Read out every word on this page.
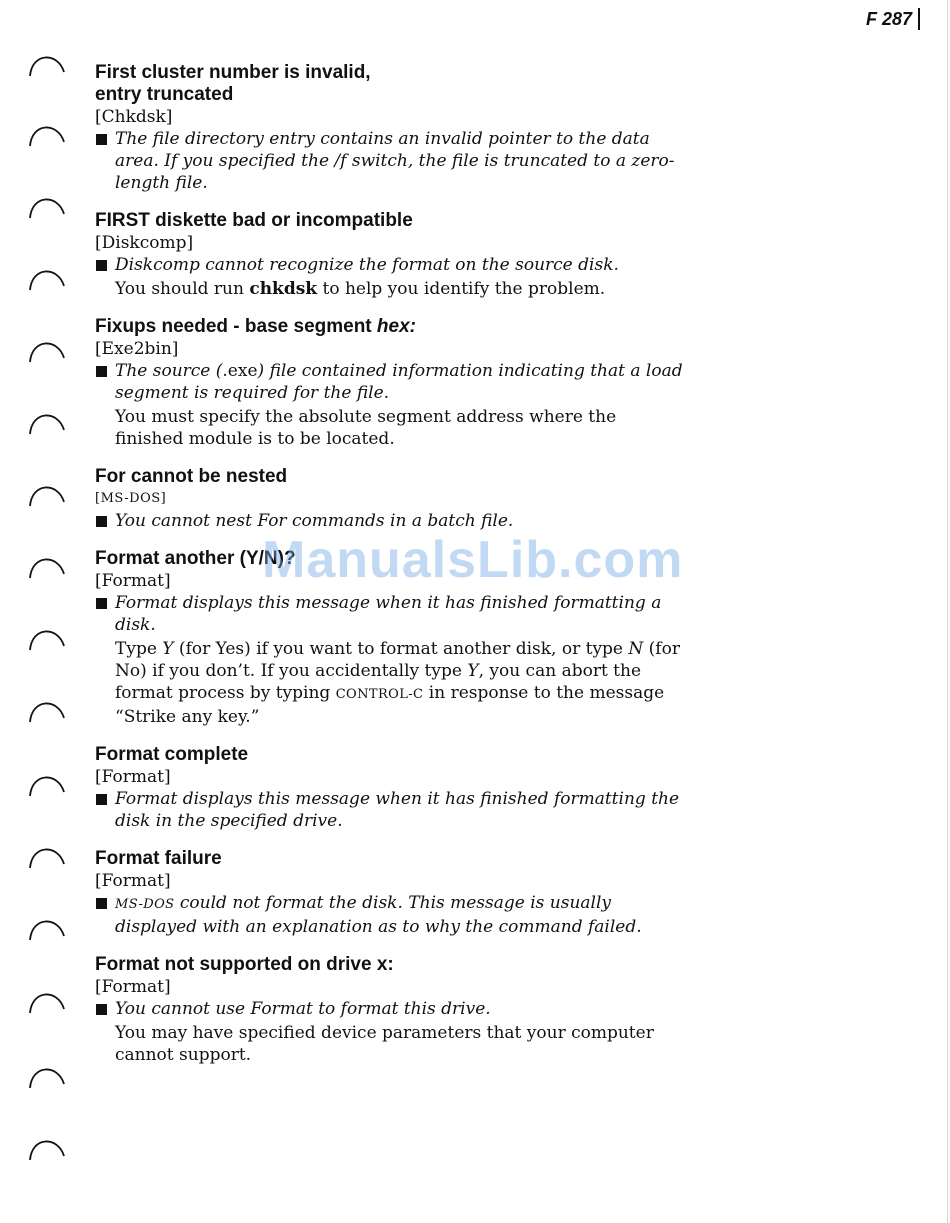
F 287
First cluster number is invalid,
entry truncated
[Chkdsk]
The file directory entry contains an invalid pointer to the data area. If you specified the /f switch, the file is truncated to a zero-length file.
FIRST diskette bad or incompatible
[Diskcomp]
Diskcomp cannot recognize the format on the source disk.
You should run chkdsk to help you identify the problem.
Fixups needed - base segment hex:
[Exe2bin]
The source (.exe) file contained information indicating that a load segment is required for the file.
You must specify the absolute segment address where the finished module is to be located.
For cannot be nested
[MS-DOS]
You cannot nest For commands in a batch file.
Format another (Y/N)?
[Format]
Format displays this message when it has finished formatting a disk.
Type Y (for Yes) if you want to format another disk, or type N (for No) if you don’t. If you accidentally type Y, you can abort the format process by typing CONTROL-C in response to the message “Strike any key.”
Format complete
[Format]
Format displays this message when it has finished formatting the disk in the specified drive.
Format failure
[Format]
MS-DOS could not format the disk. This message is usually displayed with an explanation as to why the command failed.
Format not supported on drive x:
[Format]
You cannot use Format to format this drive.
You may have specified device parameters that your computer cannot support.
ManualsLib.com
